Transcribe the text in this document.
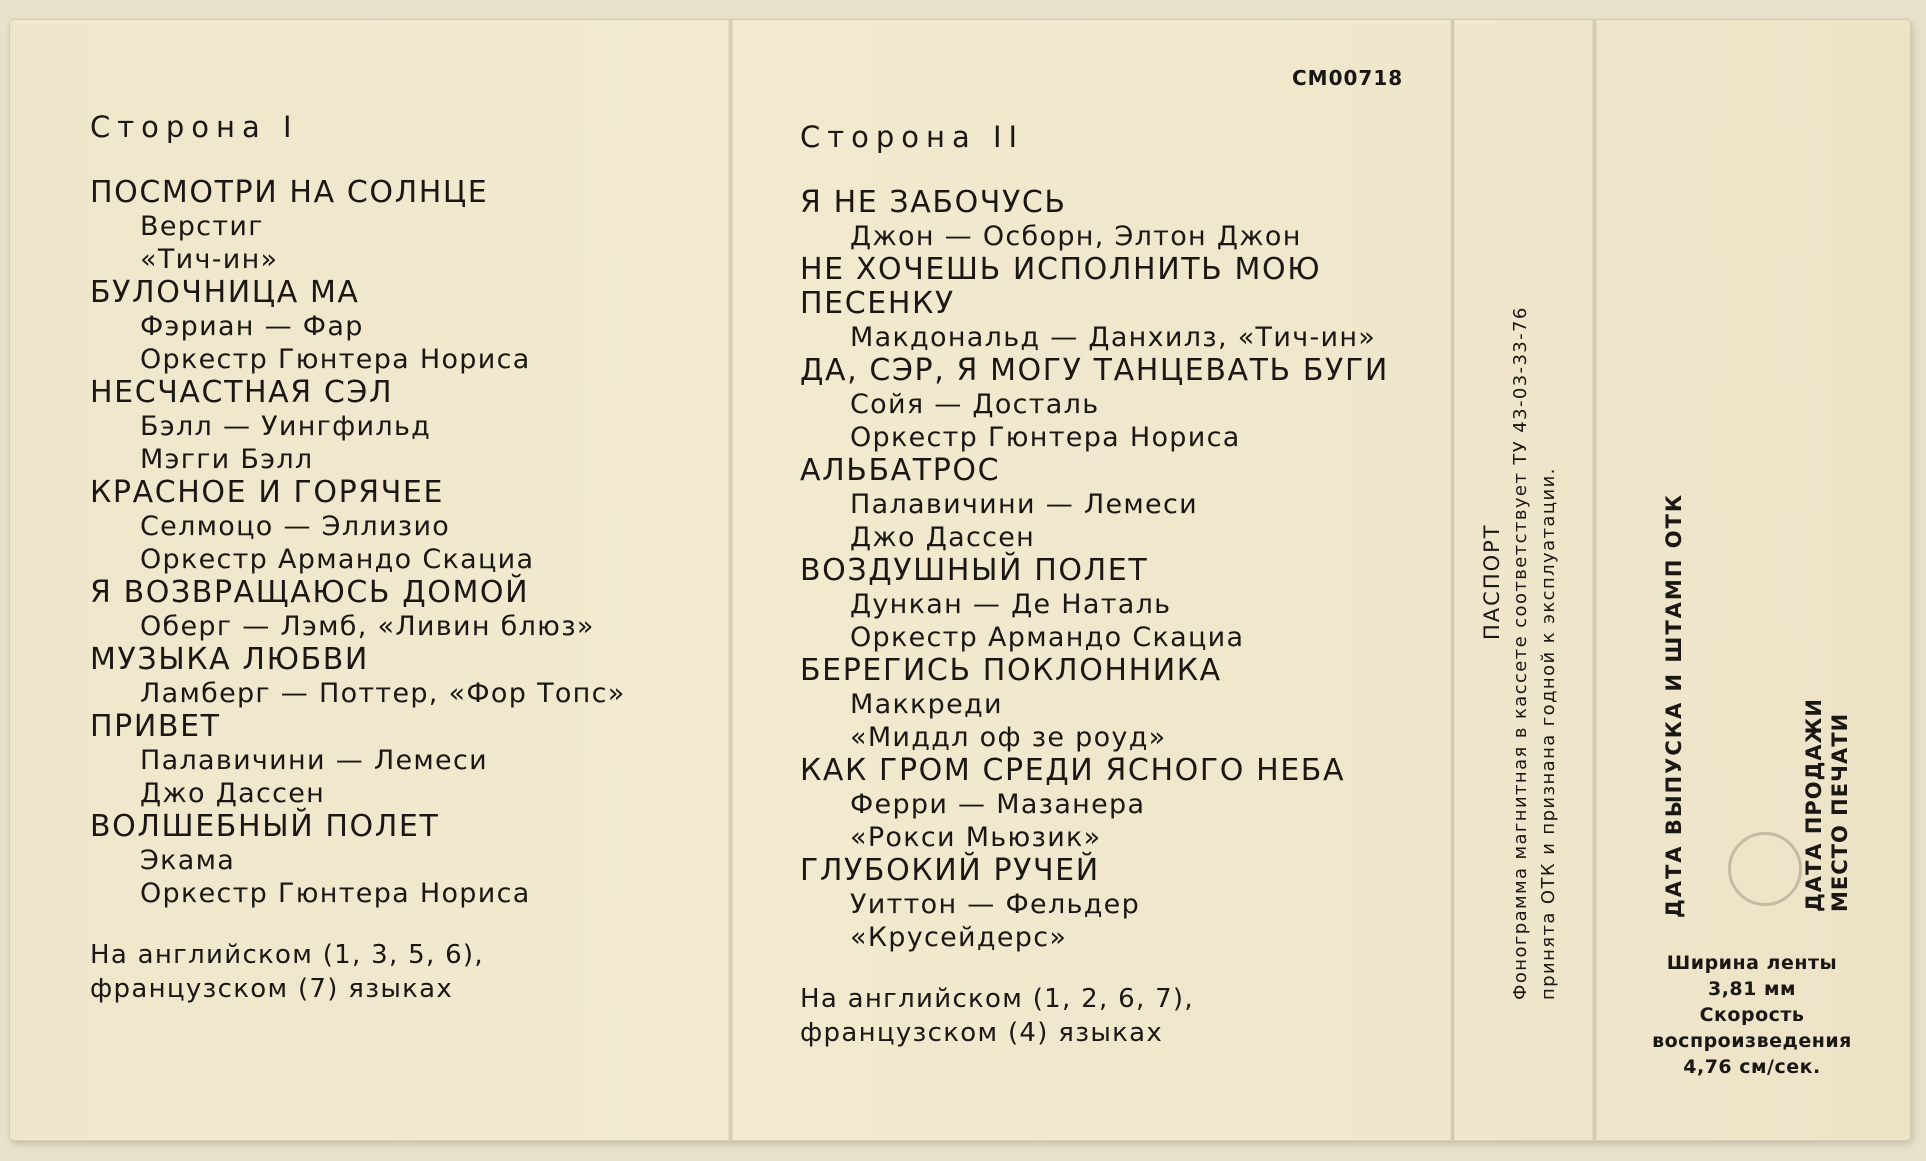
Сторона I
ПОСМОТРИ НА СОЛНЦЕ
Верстиг
«Тич-ин»
БУЛОЧНИЦА МА
Фэриан — Фар
Оркестр Гюнтера Нориса
НЕСЧАСТНАЯ СЭЛ
Бэлл — Уингфильд
Мэгги Бэлл
КРАСНОЕ И ГОРЯЧЕЕ
Селмоцо — Эллизио
Оркестр Армандо Скациа
Я ВОЗВРАЩАЮСЬ ДОМОЙ
Оберг — Лэмб, «Ливин блюз»
МУЗЫКА ЛЮБВИ
Ламберг — Поттер, «Фор Топс»
ПРИВЕТ
Палавичини — Лемеси
Джо Дассен
ВОЛШЕБНЫЙ ПОЛЕТ
Экама
Оркестр Гюнтера Нориса
На английском (1, 3, 5, 6),
французском (7) языках
СМ00718
Сторона II
Я НЕ ЗАБОЧУСЬ
Джон — Осборн, Элтон Джон
НЕ ХОЧЕШЬ ИСПОЛНИТЬ МОЮ
ПЕСЕНКУ
Макдональд — Данхилз, «Тич-ин»
ДА, СЭР, Я МОГУ ТАНЦЕВАТЬ БУГИ
Сойя — Досталь
Оркестр Гюнтера Нориса
АЛЬБАТРОС
Палавичини — Лемеси
Джо Дассен
ВОЗДУШНЫЙ ПОЛЕТ
Дункан — Де Наталь
Оркестр Армандо Скациа
БЕРЕГИСЬ ПОКЛОННИКА
Маккреди
«Миддл оф зе роуд»
КАК ГРОМ СРЕДИ ЯСНОГО НЕБА
Ферри — Мазанера
«Рокси Мьюзик»
ГЛУБОКИЙ РУЧЕЙ
Уиттон — Фельдер
«Крусейдерс»
На английском (1, 2, 6, 7),
французском (4) языках
ПАСПОРТ Фонограмма магнитная в кассете соответствует ТУ 43-03-33-76 принята ОТК и признана годной к эксплуатации.	ДАТА ВЫПУСКА И ШТАМП ОТК	ДАТА ПРОДАЖИ МЕСТО ПЕЧАТИ
Ширина ленты
3,81 мм
Скорость
воспроизведения
4,76 см/сек.
